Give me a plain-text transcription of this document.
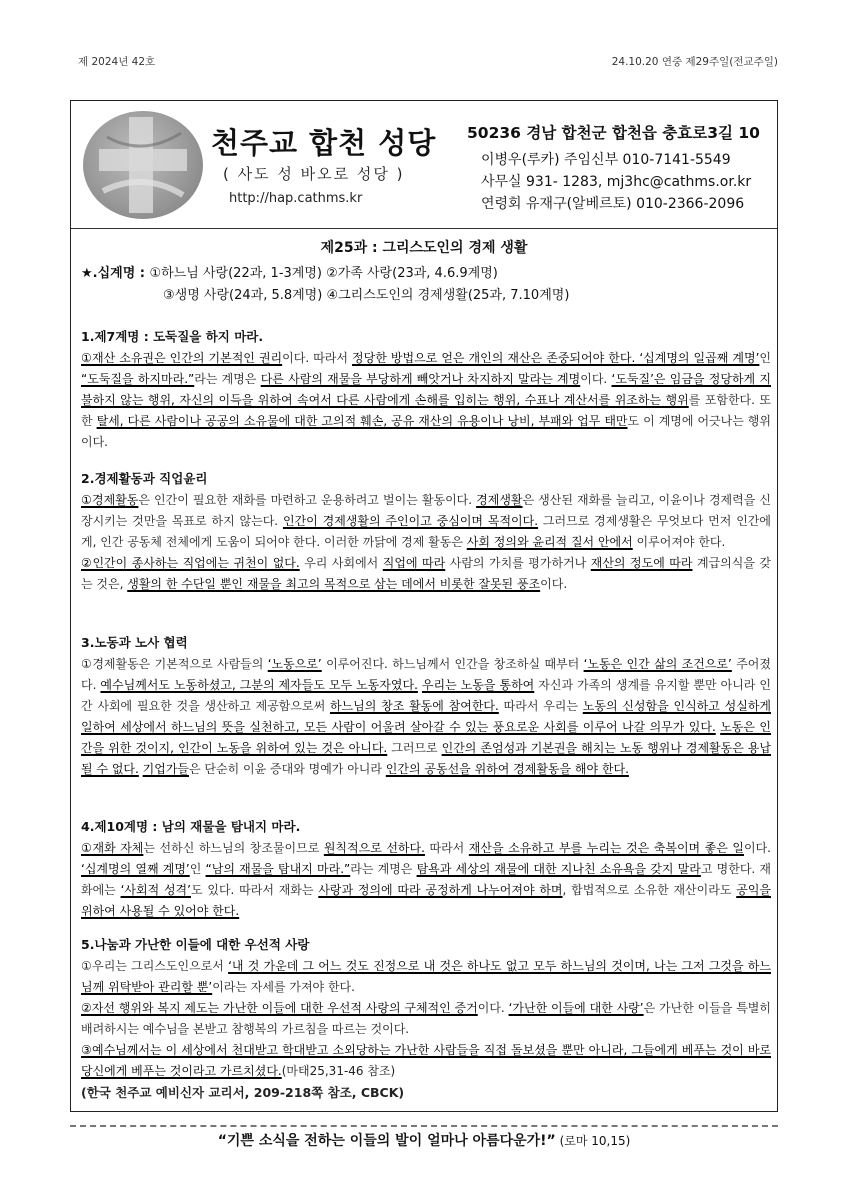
제 2024년 42호	24.10.20 연중 제29주일(전교주일)
천주교 합천 성당
( 사도 성 바오로 성당 )
http://hap.cathms.kr
50236 경남 합천군 합천읍 충효로3길 10
이병우(루카) 주임신부 010-7141-5549
사무실 931- 1283, mj3hc@cathms.or.kr
연령회 유재구(알베르토) 010-2366-2096
제25과 : 그리스도인의 경제 생활
★.십계명 : ①하느님 사랑(22과, 1-3계명) ②가족 사랑(23과, 4.6.9계명)
③생명 사랑(24과, 5.8계명) ④그리스도인의 경제생활(25과, 7.10계명)
1.제7계명 : 도둑질을 하지 마라.

①재산 소유권은 인간의 기본적인 권리이다. 따라서 정당한 방법으로 얻은 개인의 재산은 존중되어야 한다. ‘십계명의 일곱째 계명’인 “도둑질을 하지마라.”라는 계명은 다른 사람의 재물을 부당하게 빼앗거나 차지하지 말라는 계명이다. ‘도둑질’은 임금을 정당하게 지불하지 않는 행위, 자신의 이득을 위하여 속여서 다른 사람에게 손해를 입히는 행위, 수표나 계산서를 위조하는 행위를 포함한다. 또한 탈세, 다른 사람이나 공공의 소유물에 대한 고의적 훼손, 공유 재산의 유용이나 낭비, 부패와 업무 태만도 이 계명에 어긋나는 행위이다.

2.경제활동과 직업윤리

①경제활동은 인간이 필요한 재화를 마련하고 운용하려고 벌이는 활동이다. 경제생활은 생산된 재화를 늘리고, 이윤이나 경제력을 신장시키는 것만을 목표로 하지 않는다. 인간이 경제생활의 주인이고 중심이며 목적이다. 그러므로 경제생활은 무엇보다 먼저 인간에게, 인간 공동체 전체에게 도움이 되어야 한다. 이러한 까닭에 경제 활동은 사회 정의와 윤리적 질서 안에서 이루어져야 한다.

②인간이 종사하는 직업에는 귀천이 없다. 우리 사회에서 직업에 따라 사람의 가치를 평가하거나 재산의 정도에 따라 계급의식을 갖는 것은, 생활의 한 수단일 뿐인 재물을 최고의 목적으로 삼는 데에서 비롯한 잘못된 풍조이다.

3.노동과 노사 협력

①경제활동은 기본적으로 사람들의 ‘노동으로’ 이루어진다. 하느님께서 인간을 창조하실 때부터 ‘노동은 인간 삶의 조건으로’ 주어졌다. 예수님께서도 노동하셨고, 그분의 제자들도 모두 노동자였다. 우리는 노동을 통하여 자신과 가족의 생계를 유지할 뿐만 아니라 인간 사회에 필요한 것을 생산하고 제공함으로써 하느님의 창조 활동에 참여한다. 따라서 우리는 노동의 신성함을 인식하고 성실하게 일하여 세상에서 하느님의 뜻을 실천하고, 모든 사람이 어울려 살아갈 수 있는 풍요로운 사회를 이루어 나갈 의무가 있다. 노동은 인간을 위한 것이지, 인간이 노동을 위하여 있는 것은 아니다. 그러므로 인간의 존엄성과 기본권을 해치는 노동 행위나 경제활동은 용납될 수 없다. 기업가들은 단순히 이윤 증대와 명예가 아니라 인간의 공동선을 위하여 경제활동을 해야 한다.

4.제10계명 : 남의 재물을 탐내지 마라.

①재화 자체는 선하신 하느님의 창조물이므로 원칙적으로 선하다. 따라서 재산을 소유하고 부를 누리는 것은 축복이며 좋은 일이다. ‘십계명의 열째 계명’인 “남의 재물을 탐내지 마라.”라는 계명은 탐욕과 세상의 재물에 대한 지나친 소유욕을 갖지 말라고 명한다. 재화에는 ‘사회적 성격’도 있다. 따라서 재화는 사랑과 정의에 따라 공정하게 나누어져야 하며, 합법적으로 소유한 재산이라도 공익을 위하여 사용될 수 있어야 한다.

5.나눔과 가난한 이들에 대한 우선적 사랑

①우리는 그리스도인으로서 ‘내 것 가운데 그 어느 것도 진정으로 내 것은 하나도 없고 모두 하느님의 것이며, 나는 그저 그것을 하느님께 위탁받아 관리할 뿐’이라는 자세를 가져야 한다.

②자선 행위와 복지 제도는 가난한 이들에 대한 우선적 사랑의 구체적인 증거이다. ‘가난한 이들에 대한 사랑’은 가난한 이들을 특별히 배려하시는 예수님을 본받고 참행복의 가르침을 따르는 것이다.

③예수님께서는 이 세상에서 천대받고 학대받고 소외당하는 가난한 사람들을 직접 돌보셨을 뿐만 아니라, 그들에게 베푸는 것이 바로 당신에게 베푸는 것이라고 가르치셨다.(마태25,31-46 참조)

(한국 천주교 예비신자 교리서, 209-218쪽 참조, CBCK)

“기쁜 소식을 전하는 이들의 발이 얼마나 아름다운가!” (로마 10,15)
